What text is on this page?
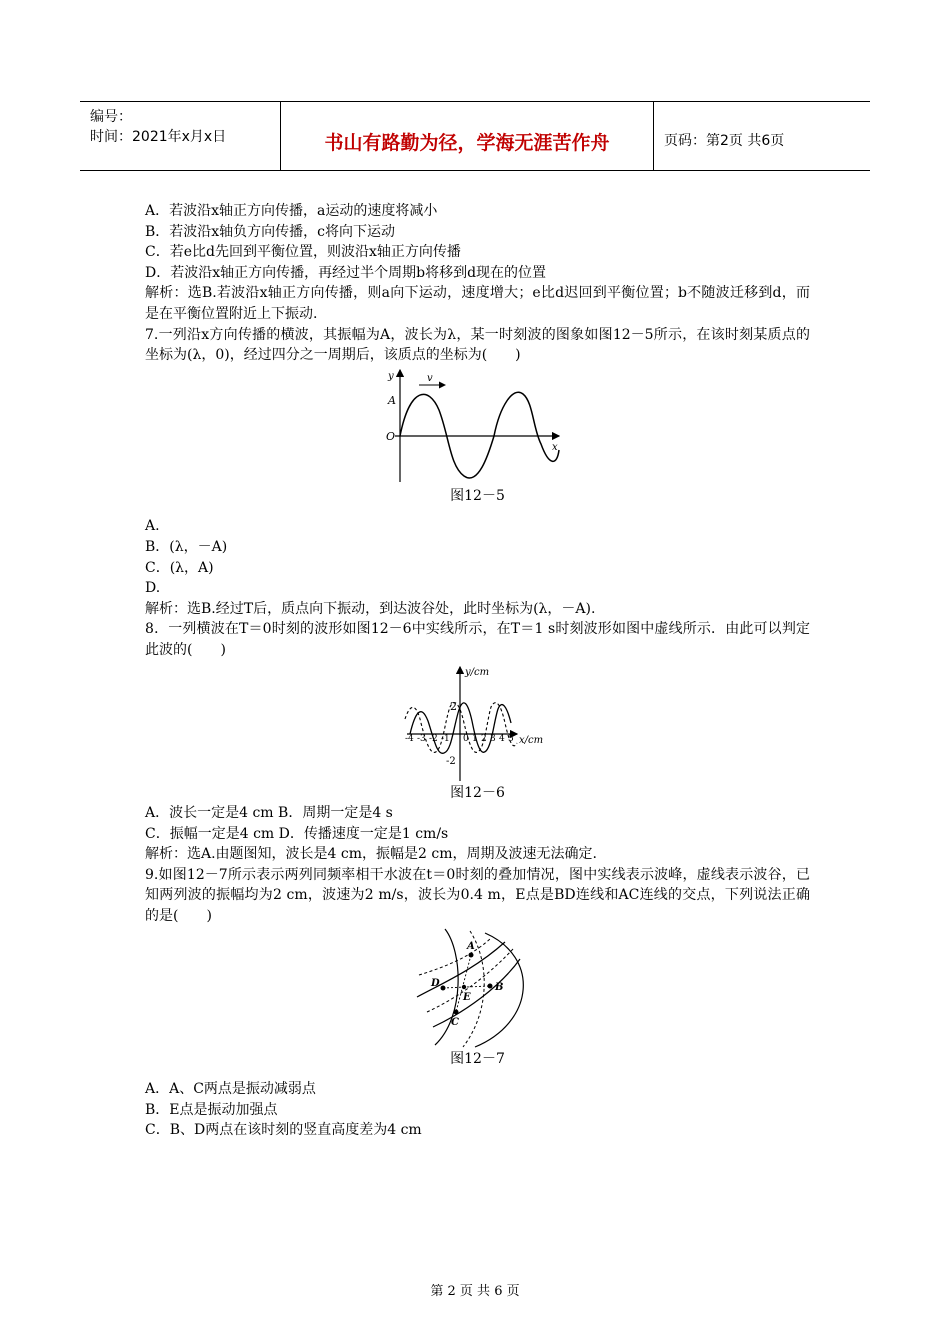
编号：
时间：2021年x月x日	书山有路勤为径，学海无涯苦作舟	页码：第2页 共6页

A．若波沿x轴正方向传播，a运动的速度将减小

B．若波沿x轴负方向传播，c将向下运动

C．若e比d先回到平衡位置，则波沿x轴正方向传播

D．若波沿x轴正方向传播，再经过半个周期b将移到d现在的位置

解析：选B.若波沿x轴正方向传播，则a向下运动，速度增大；e比d迟回到平衡位置；b不随波迁移到d，而是在平衡位置附近上下振动.

7.一列沿x方向传播的横波，其振幅为A，波长为λ，某一时刻波的图象如图12－5所示，在该时刻某质点的坐标为(λ，0)，经过四分之一周期后，该质点的坐标为(　　)

v
y
A
O
x

图12－5

A.

B．(λ，－A)

C．(λ，A)

D.

解析：选B.经过T后，质点向下振动，到达波谷处，此时坐标为(λ，－A).

8．一列横波在T＝0时刻的波形如图12－6中实线所示，在T＝1 s时刻波形如图中虚线所示．由此可以判定此波的(　　)

y/cm
x/cm
2
-2
-4 -3 -2 -1 0 1 2 3 4 5

图12－6

A．波长一定是4 cm B．周期一定是4 s

C．振幅一定是4 cm D．传播速度一定是1 cm/s

解析：选A.由题图知，波长是4 cm，振幅是2 cm，周期及波速无法确定.

9.如图12－7所示表示两列同频率相干水波在t＝0时刻的叠加情况，图中实线表示波峰，虚线表示波谷，已知两列波的振幅均为2 cm，波速为2 m/s，波长为0.4 m，E点是BD连线和AC连线的交点，下列说法正确的是(　　)

A
B
C
D
E

图12－7

A．A、C两点是振动减弱点

B．E点是振动加强点

C．B、D两点在该时刻的竖直高度差为4 cm

第 2 页 共 6 页
